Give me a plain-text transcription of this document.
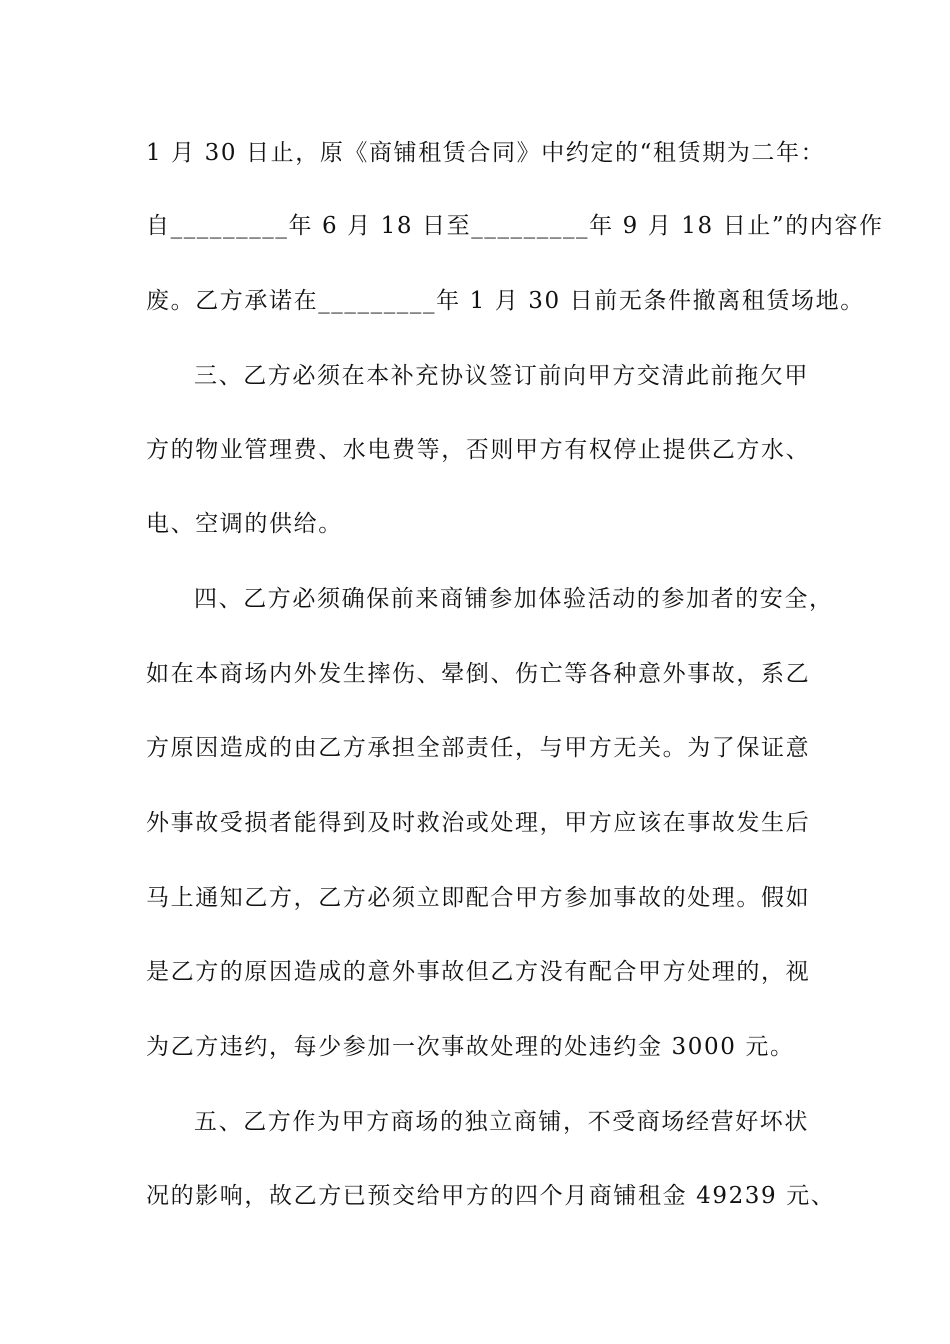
1 月 30 日止，原《商铺租赁合同》中约定的“租赁期为二年：
自_________年 6 月 18 日至_________年 9 月 18 日止”的内容作
废。乙方承诺在_________年 1 月 30 日前无条件撤离租赁场地。
三、乙方必须在本补充协议签订前向甲方交清此前拖欠甲
方的物业管理费、水电费等，否则甲方有权停止提供乙方水、
电、空调的供给。
四、乙方必须确保前来商铺参加体验活动的参加者的安全，
如在本商场内外发生摔伤、晕倒、伤亡等各种意外事故，系乙
方原因造成的由乙方承担全部责任，与甲方无关。为了保证意
外事故受损者能得到及时救治或处理，甲方应该在事故发生后
马上通知乙方，乙方必须立即配合甲方参加事故的处理。假如
是乙方的原因造成的意外事故但乙方没有配合甲方处理的，视
为乙方违约，每少参加一次事故处理的处违约金 3000 元。
五、乙方作为甲方商场的独立商铺，不受商场经营好坏状
况的影响，故乙方已预交给甲方的四个月商铺租金 49239 元、
